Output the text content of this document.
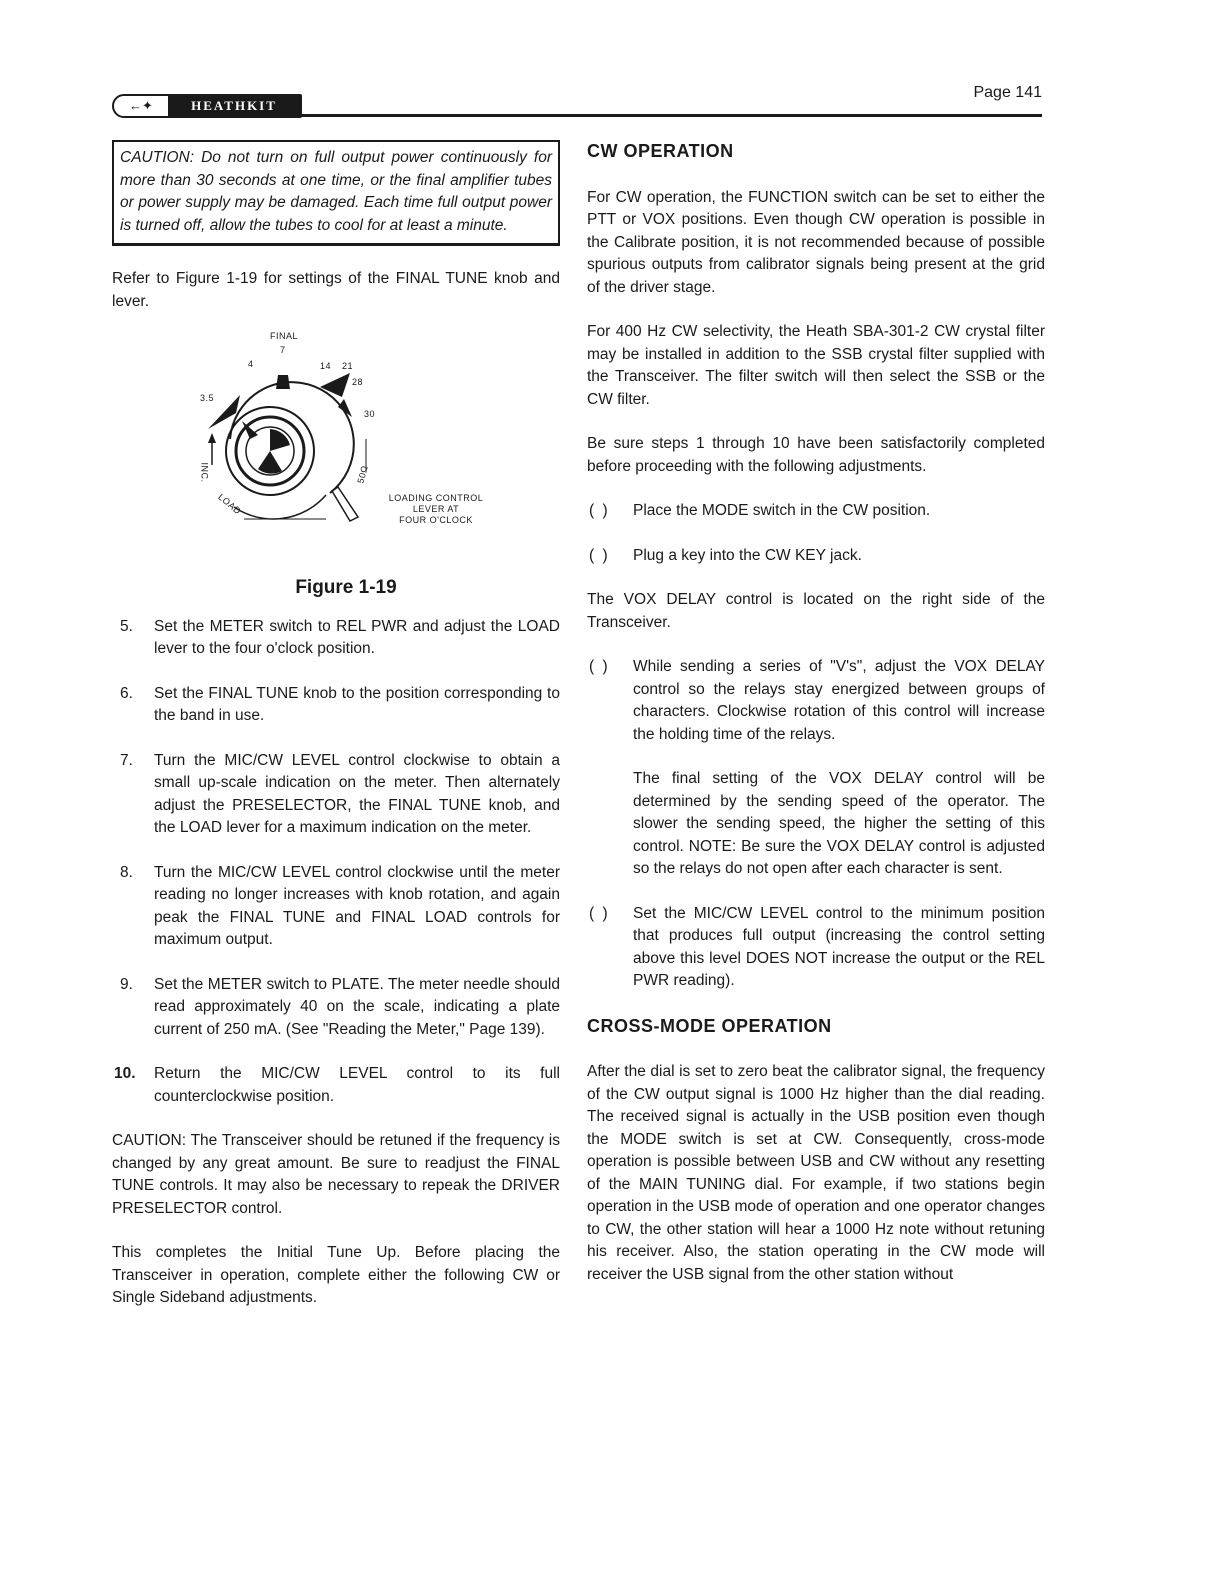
←✦	HEATHKIT
Page 141
CAUTION: Do not turn on full output power continuously for more than 30 seconds at one time, or the final amplifier tubes or power supply may be damaged. Each time full output power is turned off, allow the tubes to cool for at least a minute.

Refer to Figure 1-19 for settings of the FINAL TUNE knob and lever.

FINAL
3.5
4
7
14 21
28
30
INC.
LOAD
50Ω
LOADING CONTROL
LEVER AT
FOUR O'CLOCK
Figure 1-19
5. Set the METER switch to REL PWR and adjust the LOAD lever to the four o'clock position.
6. Set the FINAL TUNE knob to the position corresponding to the band in use.
7. Turn the MIC/CW LEVEL control clockwise to obtain a small up-scale indication on the meter. Then alternately adjust the PRESELECTOR, the FINAL TUNE knob, and the LOAD lever for a maximum indication on the meter.
8. Turn the MIC/CW LEVEL control clockwise until the meter reading no longer increases with knob rotation, and again peak the FINAL TUNE and FINAL LOAD controls for maximum output.
9. Set the METER switch to PLATE. The meter needle should read approximately 40 on the scale, indicating a plate current of 250 mA. (See "Reading the Meter," Page 139).
10. Return the MIC/CW LEVEL control to its full counterclockwise position.

CAUTION: The Transceiver should be retuned if the frequency is changed by any great amount. Be sure to readjust the FINAL TUNE controls. It may also be necessary to repeak the DRIVER PRESELECTOR control.

This completes the Initial Tune Up. Before placing the Transceiver in operation, complete either the following CW or Single Sideband adjustments.

CW OPERATION

For CW operation, the FUNCTION switch can be set to either the PTT or VOX positions. Even though CW operation is possible in the Calibrate position, it is not recommended because of possible spurious outputs from calibrator signals being present at the grid of the driver stage.

For 400 Hz CW selectivity, the Heath SBA-301-2 CW crystal filter may be installed in addition to the SSB crystal filter supplied with the Transceiver. The filter switch will then select the SSB or the CW filter.

Be sure steps 1 through 10 have been satisfactorily completed before proceeding with the following adjustments.

( ) Place the MODE switch in the CW position.
( ) Plug a key into the CW KEY jack.

The VOX DELAY control is located on the right side of the Transceiver.

( ) While sending a series of "V's", adjust the VOX DELAY control so the relays stay energized between groups of characters. Clockwise rotation of this control will increase the holding time of the relays.

The final setting of the VOX DELAY control will be determined by the sending speed of the operator. The slower the sending speed, the higher the setting of this control. NOTE: Be sure the VOX DELAY control is adjusted so the relays do not open after each character is sent.

( ) Set the MIC/CW LEVEL control to the minimum position that produces full output (increasing the control setting above this level DOES NOT increase the output or the REL PWR reading).
CROSS-MODE OPERATION

After the dial is set to zero beat the calibrator signal, the frequency of the CW output signal is 1000 Hz higher than the dial reading. The received signal is actually in the USB position even though the MODE switch is set at CW. Consequently, cross-mode operation is possible between USB and CW without any resetting of the MAIN TUNING dial. For example, if two stations begin operation in the USB mode of operation and one operator changes to CW, the other station will hear a 1000 Hz note without retuning his receiver. Also, the station operating in the CW mode will receiver the USB signal from the other station without
